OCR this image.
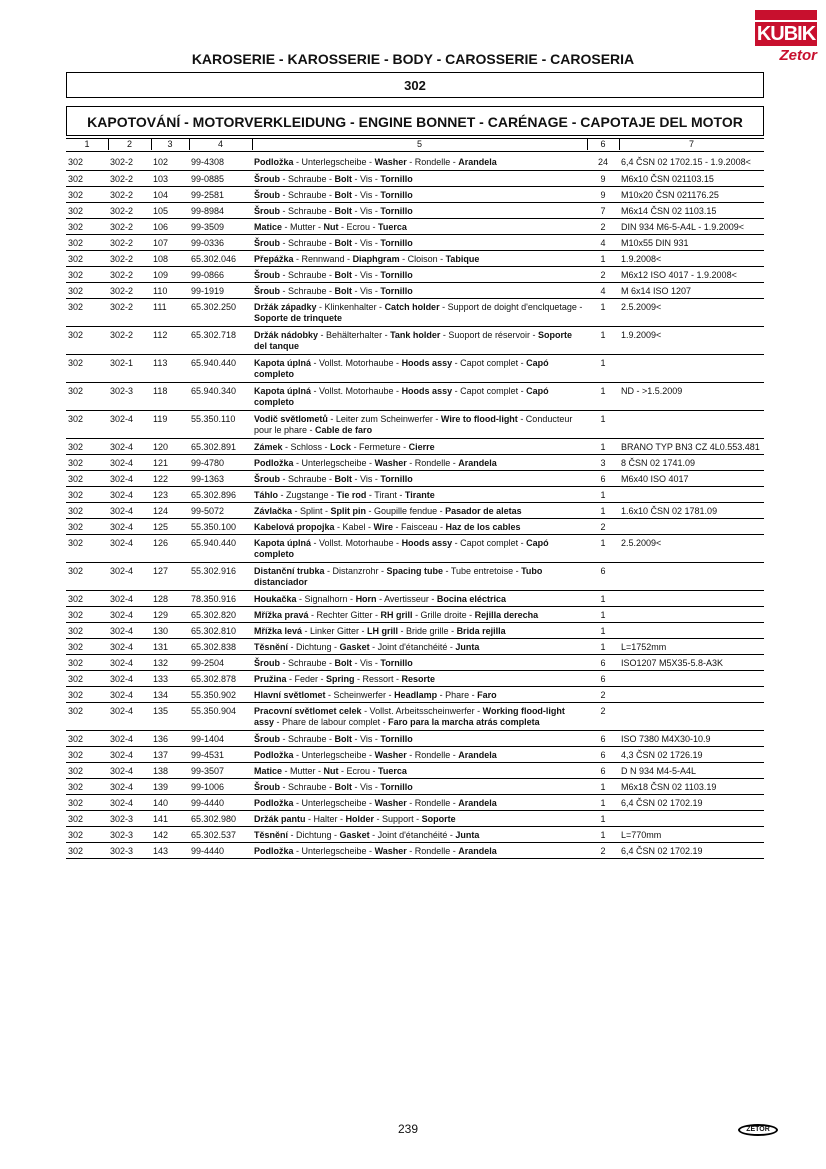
KUBIK
Zetor
KAROSERIE - KAROSSERIE - BODY - CAROSSERIE - CAROSERIA
302
KAPOTOVÁNÍ - MOTORVERKLEIDUNG - ENGINE BONNET - CARÉNAGE - CAPOTAJE DEL MOTOR
1	2	3	4	5	6	7
302	302-2	102	99-4308	Podložka - Unterlegscheibe - Washer - Rondelle - Arandela	24	6,4 ČSN 02 1702.15 - 1.9.2008<
302	302-2	103	99-0885	Šroub - Schraube - Bolt - Vis - Tornillo	9	M6x10 ČSN 021103.15
302	302-2	104	99-2581	Šroub - Schraube - Bolt - Vis - Tornillo	9	M10x20 ČSN 021176.25
302	302-2	105	99-8984	Šroub - Schraube - Bolt - Vis - Tornillo	7	M6x14 ČSN 02 1103.15
302	302-2	106	99-3509	Matice - Mutter - Nut - Ecrou - Tuerca	2	DIN 934 M6-5-A4L - 1.9.2009<
302	302-2	107	99-0336	Šroub - Schraube - Bolt - Vis - Tornillo	4	M10x55 DIN 931
302	302-2	108	65.302.046	Přepážka - Rennwand - Diaphgram - Cloison - Tabique	1	1.9.2008<
302	302-2	109	99-0866	Šroub - Schraube - Bolt - Vis - Tornillo	2	M6x12 ISO 4017 - 1.9.2008<
302	302-2	110	99-1919	Šroub - Schraube - Bolt - Vis - Tornillo	4	M 6x14 ISO 1207
302	302-2	111	65.302.250	Držák západky - Klinkenhalter - Catch holder - Support de doight d'enclquetage - Soporte de trinquete	1	2.5.2009<
302	302-2	112	65.302.718	Držák nádobky - Behälterhalter - Tank holder - Suoport de réservoir - Soporte del tanque	1	1.9.2009<
302	302-1	113	65.940.440	Kapota úplná - Vollst. Motorhaube - Hoods assy - Capot complet - Capó completo	1	
302	302-3	118	65.940.340	Kapota úplná - Vollst. Motorhaube - Hoods assy - Capot complet - Capó completo	1	ND - >1.5.2009
302	302-4	119	55.350.110	Vodič světlometů - Leiter zum Scheinwerfer - Wire to flood-light - Conducteur pour le phare - Cable de faro	1	
302	302-4	120	65.302.891	Zámek - Schloss - Lock - Fermeture - Cierre	1	BRANO TYP BN3 CZ 4L0.553.481
302	302-4	121	99-4780	Podložka - Unterlegscheibe - Washer - Rondelle - Arandela	3	8 ČSN 02 1741.09
302	302-4	122	99-1363	Šroub - Schraube - Bolt - Vis - Tornillo	6	M6x40 ISO 4017
302	302-4	123	65.302.896	Táhlo - Zugstange - Tie rod - Tirant - Tirante	1	
302	302-4	124	99-5072	Závlačka - Splint - Split pin - Goupille fendue - Pasador de aletas	1	1.6x10 ČSN 02 1781.09
302	302-4	125	55.350.100	Kabelová propojka - Kabel - Wire - Faisceau - Haz de los cables	2	
302	302-4	126	65.940.440	Kapota úplná - Vollst. Motorhaube - Hoods assy - Capot complet - Capó completo	1	2.5.2009<
302	302-4	127	55.302.916	Distanční trubka - Distanzrohr - Spacing tube - Tube entretoise - Tubo distanciador	6	
302	302-4	128	78.350.916	Houkačka - Signalhorn - Horn - Avertisseur - Bocina eléctrica	1	
302	302-4	129	65.302.820	Mřížka pravá - Rechter Gitter - RH grill - Grille droite - Rejilla derecha	1	
302	302-4	130	65.302.810	Mřížka levá - Linker Gitter - LH grill - Bride grille - Brida rejilla	1	
302	302-4	131	65.302.838	Těsnění - Dichtung - Gasket - Joint d'étanchéité - Junta	1	L=1752mm
302	302-4	132	99-2504	Šroub - Schraube - Bolt - Vis - Tornillo	6	ISO1207 M5X35-5.8-A3K
302	302-4	133	65.302.878	Pružina - Feder - Spring - Ressort - Resorte	6	
302	302-4	134	55.350.902	Hlavní světlomet - Scheinwerfer - Headlamp - Phare - Faro	2	
302	302-4	135	55.350.904	Pracovní světlomet celek - Vollst. Arbeitsscheinwerfer - Working flood-light assy - Phare de labour complet - Faro para la marcha atrás completa	2	
302	302-4	136	99-1404	Šroub - Schraube - Bolt - Vis - Tornillo	6	ISO 7380 M4X30-10.9
302	302-4	137	99-4531	Podložka - Unterlegscheibe - Washer - Rondelle - Arandela	6	4,3 ČSN 02 1726.19
302	302-4	138	99-3507	Matice - Mutter - Nut - Ecrou - Tuerca	6	D N 934 M4-5-A4L
302	302-4	139	99-1006	Šroub - Schraube - Bolt - Vis - Tornillo	1	M6x18 ČSN 02 1103.19
302	302-4	140	99-4440	Podložka - Unterlegscheibe - Washer - Rondelle - Arandela	1	6,4 ČSN 02 1702.19
302	302-3	141	65.302.980	Držák pantu - Halter - Holder - Support - Soporte	1	
302	302-3	142	65.302.537	Těsnění - Dichtung - Gasket - Joint d'étanchéité - Junta	1	L=770mm
302	302-3	143	99-4440	Podložka - Unterlegscheibe - Washer - Rondelle - Arandela	2	6,4 ČSN 02 1702.19
239	ZETOR
